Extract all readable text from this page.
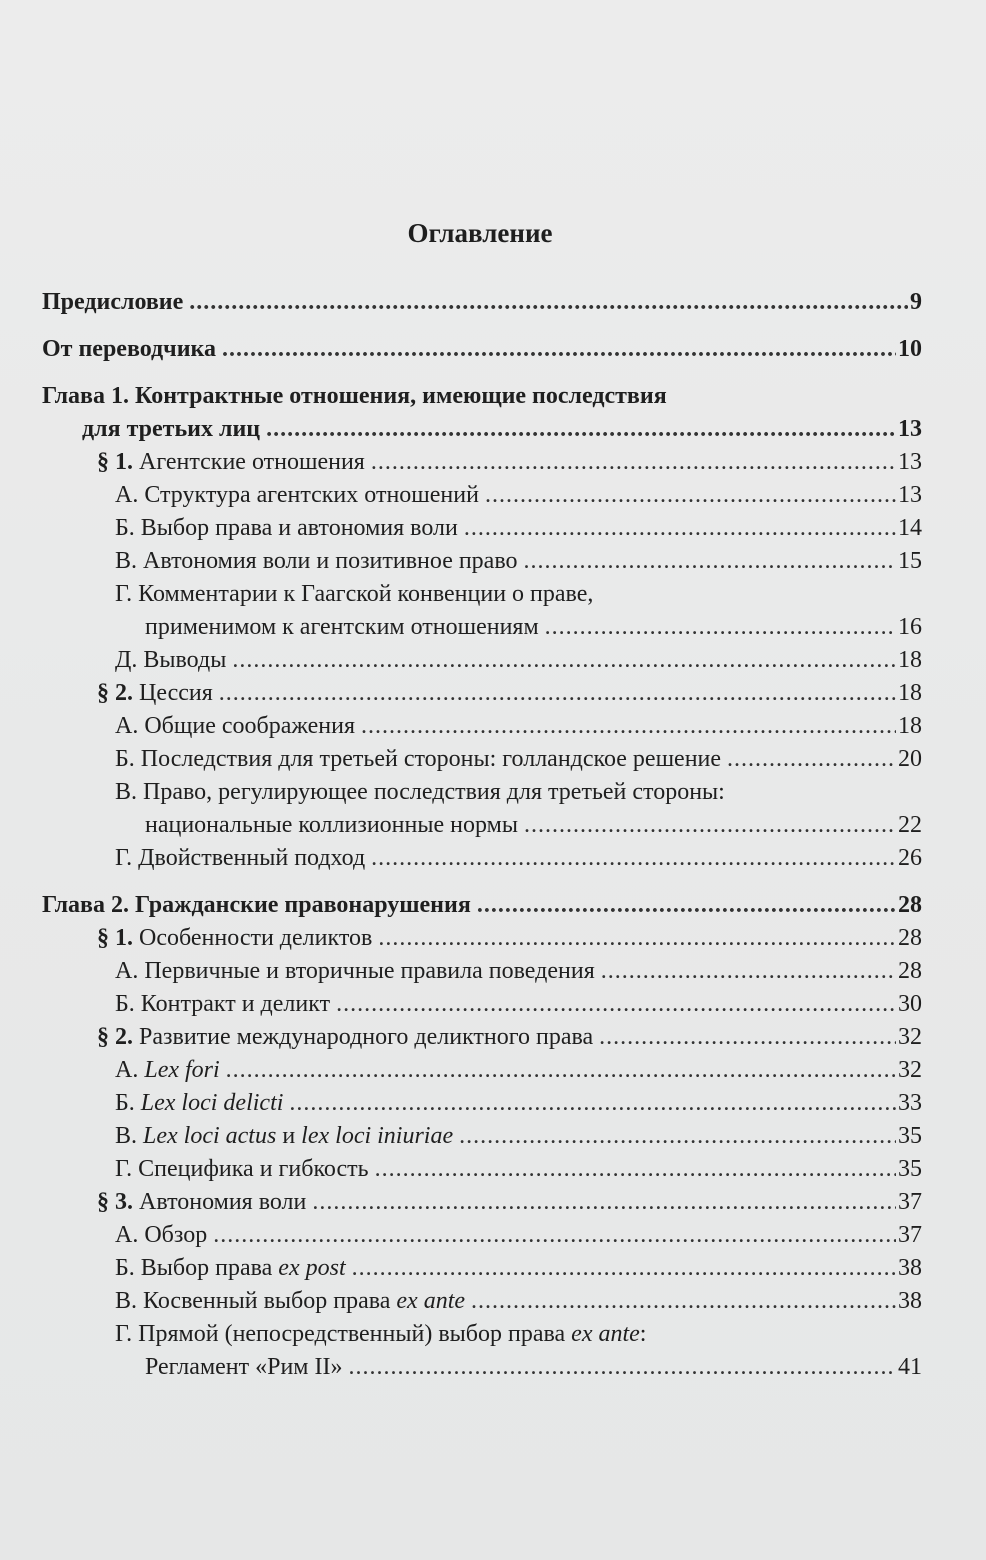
Оглавление
Предисловие .....	9
От переводчика .....	10
Глава 1. Контрактные отношения, имеющие последствия
для третьих лиц .....	13
§ 1. Агентские отношения .....	13
А. Структура агентских отношений .....	13
Б. Выбор права и автономия воли .....	14
В. Автономия воли и позитивное право .....	15
Г. Комментарии к Гаагской конвенции о праве,
применимом к агентским отношениям .....	16
Д. Выводы .....	18
§ 2. Цессия .....	18
А. Общие соображения .....	18
Б. Последствия для третьей стороны: голландское решение .....	20
В. Право, регулирующее последствия для третьей стороны:
национальные коллизионные нормы .....	22
Г. Двойственный подход .....	26
Глава 2. Гражданские правонарушения .....	28
§ 1. Особенности деликтов .....	28
А. Первичные и вторичные правила поведения .....	28
Б. Контракт и деликт .....	30
§ 2. Развитие международного деликтного права .....	32
А. Lex fori .....	32
Б. Lex loci delicti .....	33
В. Lex loci actus и lex loci iniuriae .....	35
Г. Специфика и гибкость .....	35
§ 3. Автономия воли .....	37
А. Обзор .....	37
Б. Выбор права ex post .....	38
В. Косвенный выбор права ex ante .....	38
Г. Прямой (непосредственный) выбор права ex ante:
Регламент «Рим II» .....	41
